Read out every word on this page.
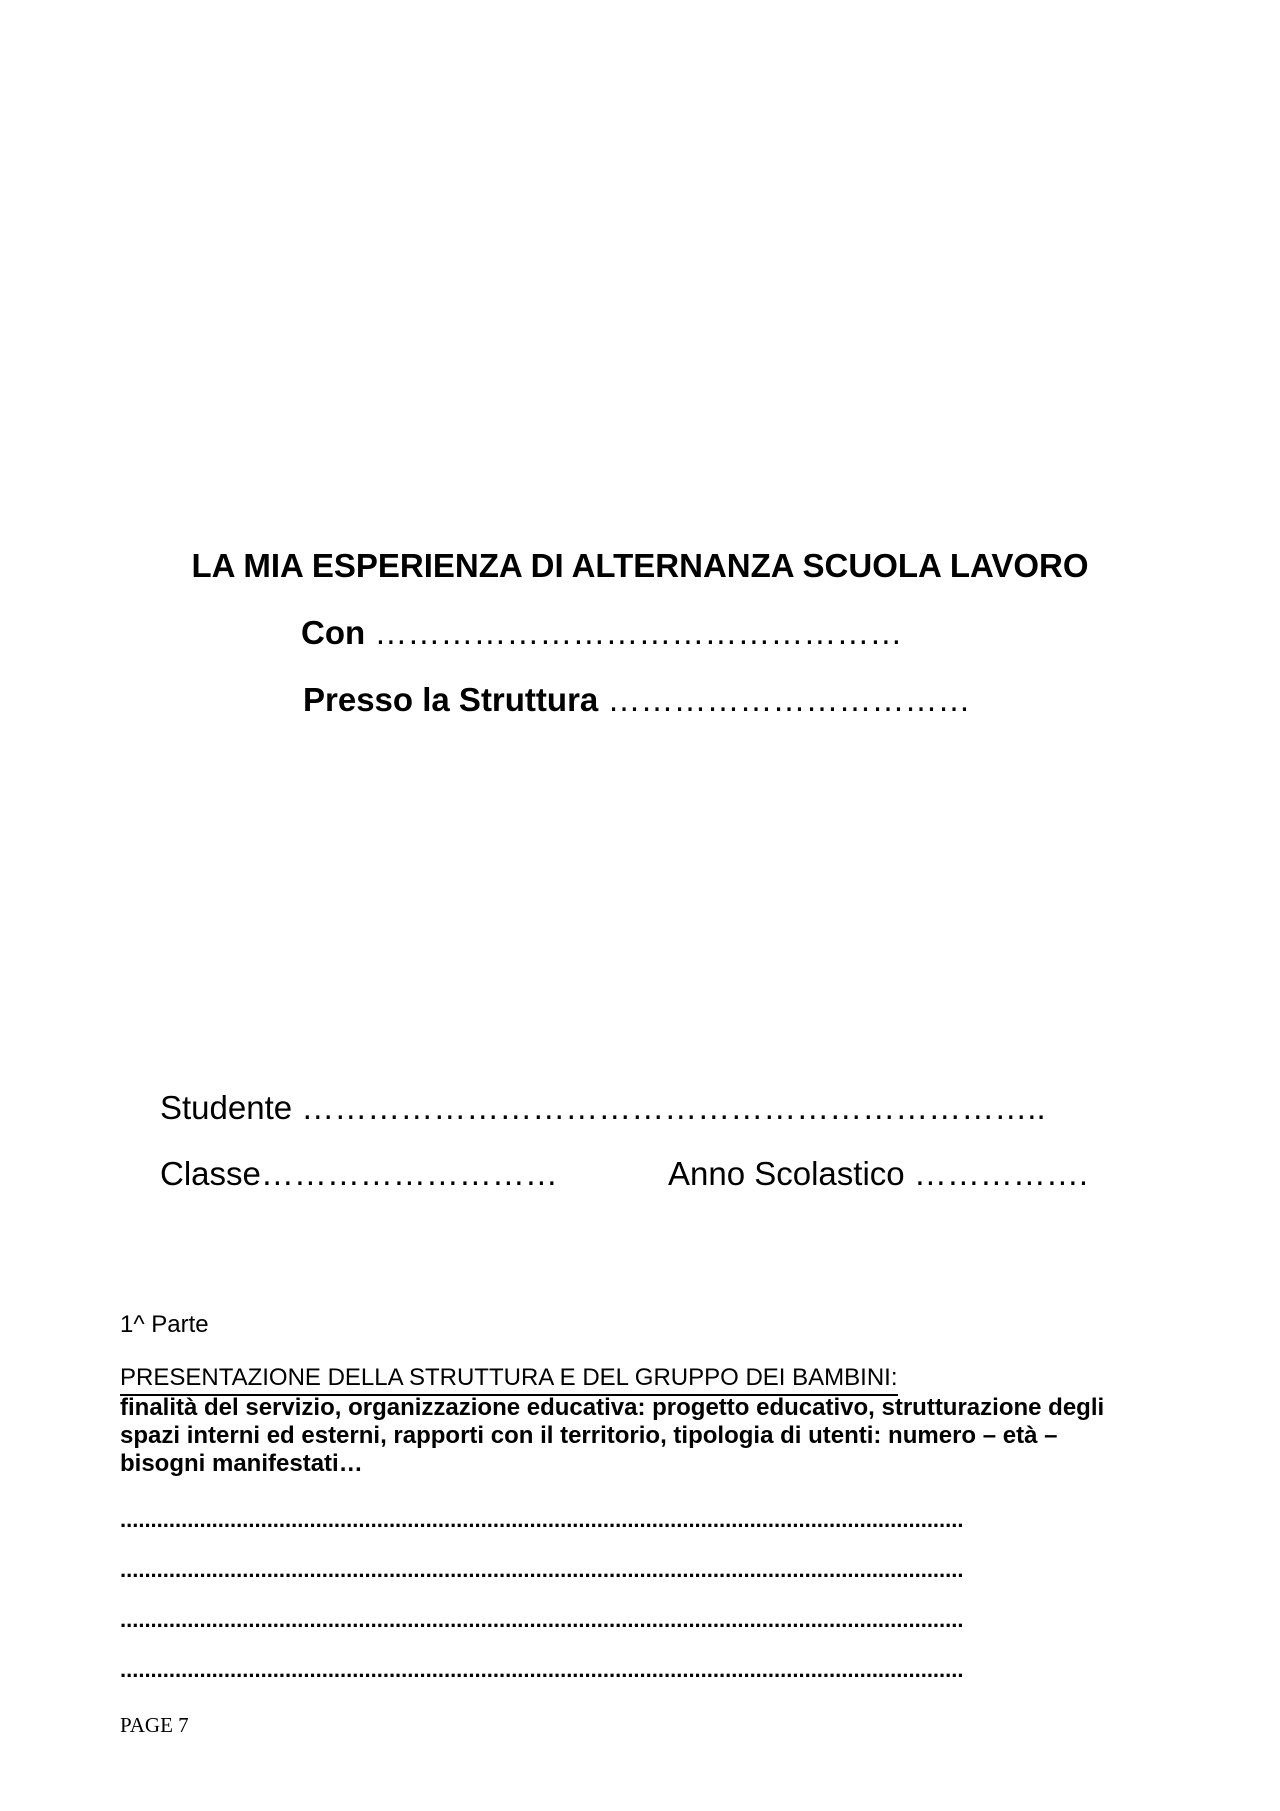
LA MIA ESPERIENZA DI ALTERNANZA SCUOLA LAVORO
Con …………………………………………
Presso la Struttura ……………………………
Studente …………………………………………………………..
Classe………………………	Anno Scolastico …………….
1^ Parte
PRESENTAZIONE DELLA STRUTTURA E DEL GRUPPO DEI BAMBINI:
finalità del servizio, organizzazione educativa: progetto educativo, strutturazione degli spazi interni ed esterni, rapporti con il territorio, tipologia di utenti: numero – età – bisogni manifestati…
..........................................................................................................................................
..........................................................................................................................................
..........................................................................................................................................
..........................................................................................................................................
PAGE 7
